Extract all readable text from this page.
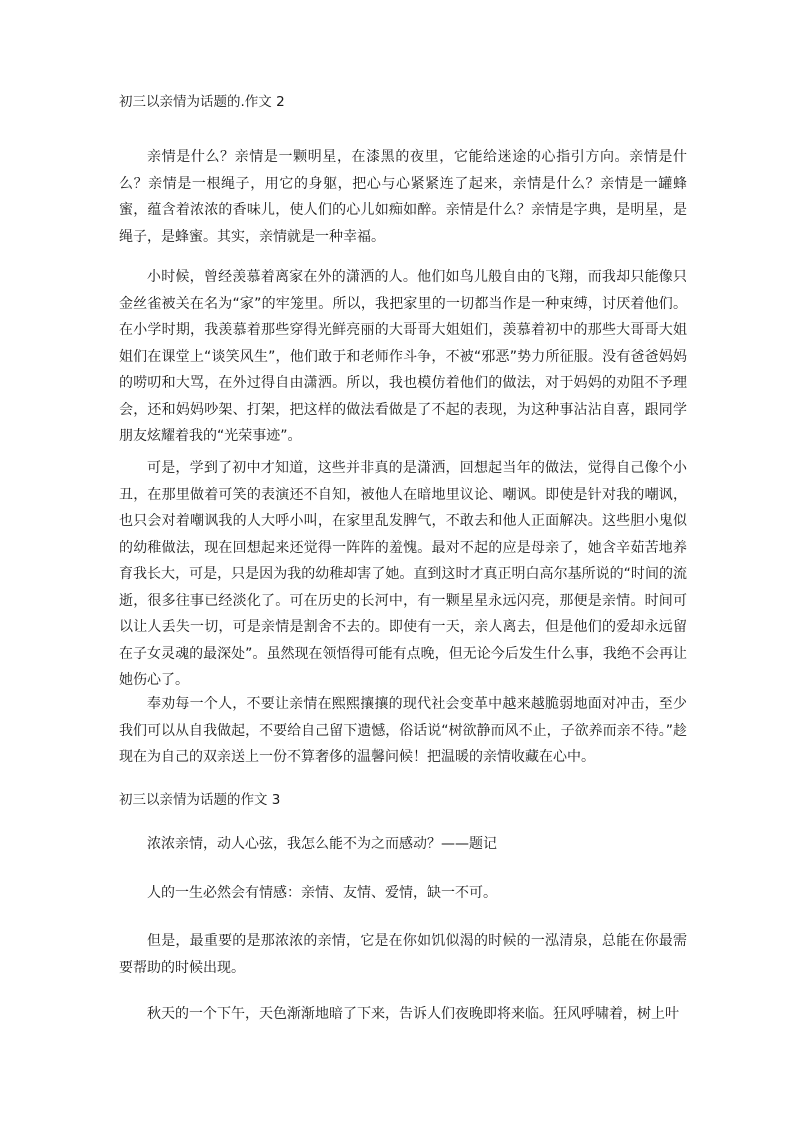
初三以亲情为话题的.作文 2
亲情是什么？亲情是一颗明星，在漆黑的夜里，它能给迷途的心指引方向。亲情是什么？亲情是一根绳子，用它的身躯，把心与心紧紧连了起来，亲情是什么？亲情是一罐蜂蜜，蕴含着浓浓的香味儿，使人们的心儿如痴如醉。亲情是什么？亲情是字典，是明星，是绳子，是蜂蜜。其实，亲情就是一种幸福。
小时候，曾经羡慕着离家在外的潇洒的人。他们如鸟儿般自由的飞翔，而我却只能像只金丝雀被关在名为“家”的牢笼里。所以，我把家里的一切都当作是一种束缚，讨厌着他们。在小学时期，我羡慕着那些穿得光鲜亮丽的大哥哥大姐姐们，羡慕着初中的那些大哥哥大姐姐们在课堂上“谈笑风生”，他们敢于和老师作斗争，不被“邪恶”势力所征服。没有爸爸妈妈的唠叨和大骂，在外过得自由潇洒。所以，我也模仿着他们的做法，对于妈妈的劝阻不予理会，还和妈妈吵架、打架，把这样的做法看做是了不起的表现，为这种事沾沾自喜，跟同学朋友炫耀着我的“光荣事迹”。
可是，学到了初中才知道，这些并非真的是潇洒，回想起当年的做法，觉得自己像个小丑，在那里做着可笑的表演还不自知，被他人在暗地里议论、嘲讽。即使是针对我的嘲讽，也只会对着嘲讽我的人大呼小叫，在家里乱发脾气，不敢去和他人正面解决。这些胆小鬼似的幼稚做法，现在回想起来还觉得一阵阵的羞愧。最对不起的应是母亲了，她含辛茹苦地养育我长大，可是，只是因为我的幼稚却害了她。直到这时才真正明白高尔基所说的“时间的流逝，很多往事已经淡化了。可在历史的长河中，有一颗星星永远闪亮，那便是亲情。时间可以让人丢失一切，可是亲情是割舍不去的。即使有一天，亲人离去，但是他们的爱却永远留在子女灵魂的最深处”。虽然现在领悟得可能有点晚，但无论今后发生什么事，我绝不会再让她伤心了。
奉劝每一个人，不要让亲情在熙熙攘攘的现代社会变革中越来越脆弱地面对冲击，至少我们可以从自我做起，不要给自己留下遗憾，俗话说“树欲静而风不止，子欲养而亲不待。”趁现在为自己的双亲送上一份不算奢侈的温馨问候！把温暖的亲情收藏在心中。
初三以亲情为话题的作文 3
浓浓亲情，动人心弦，我怎么能不为之而感动？——题记
人的一生必然会有情感：亲情、友情、爱情，缺一不可。
但是，最重要的是那浓浓的亲情，它是在你如饥似渴的时候的一泓清泉，总能在你最需要帮助的时候出现。
秋天的一个下午，天色渐渐地暗了下来，告诉人们夜晚即将来临。狂风呼啸着，树上叶
